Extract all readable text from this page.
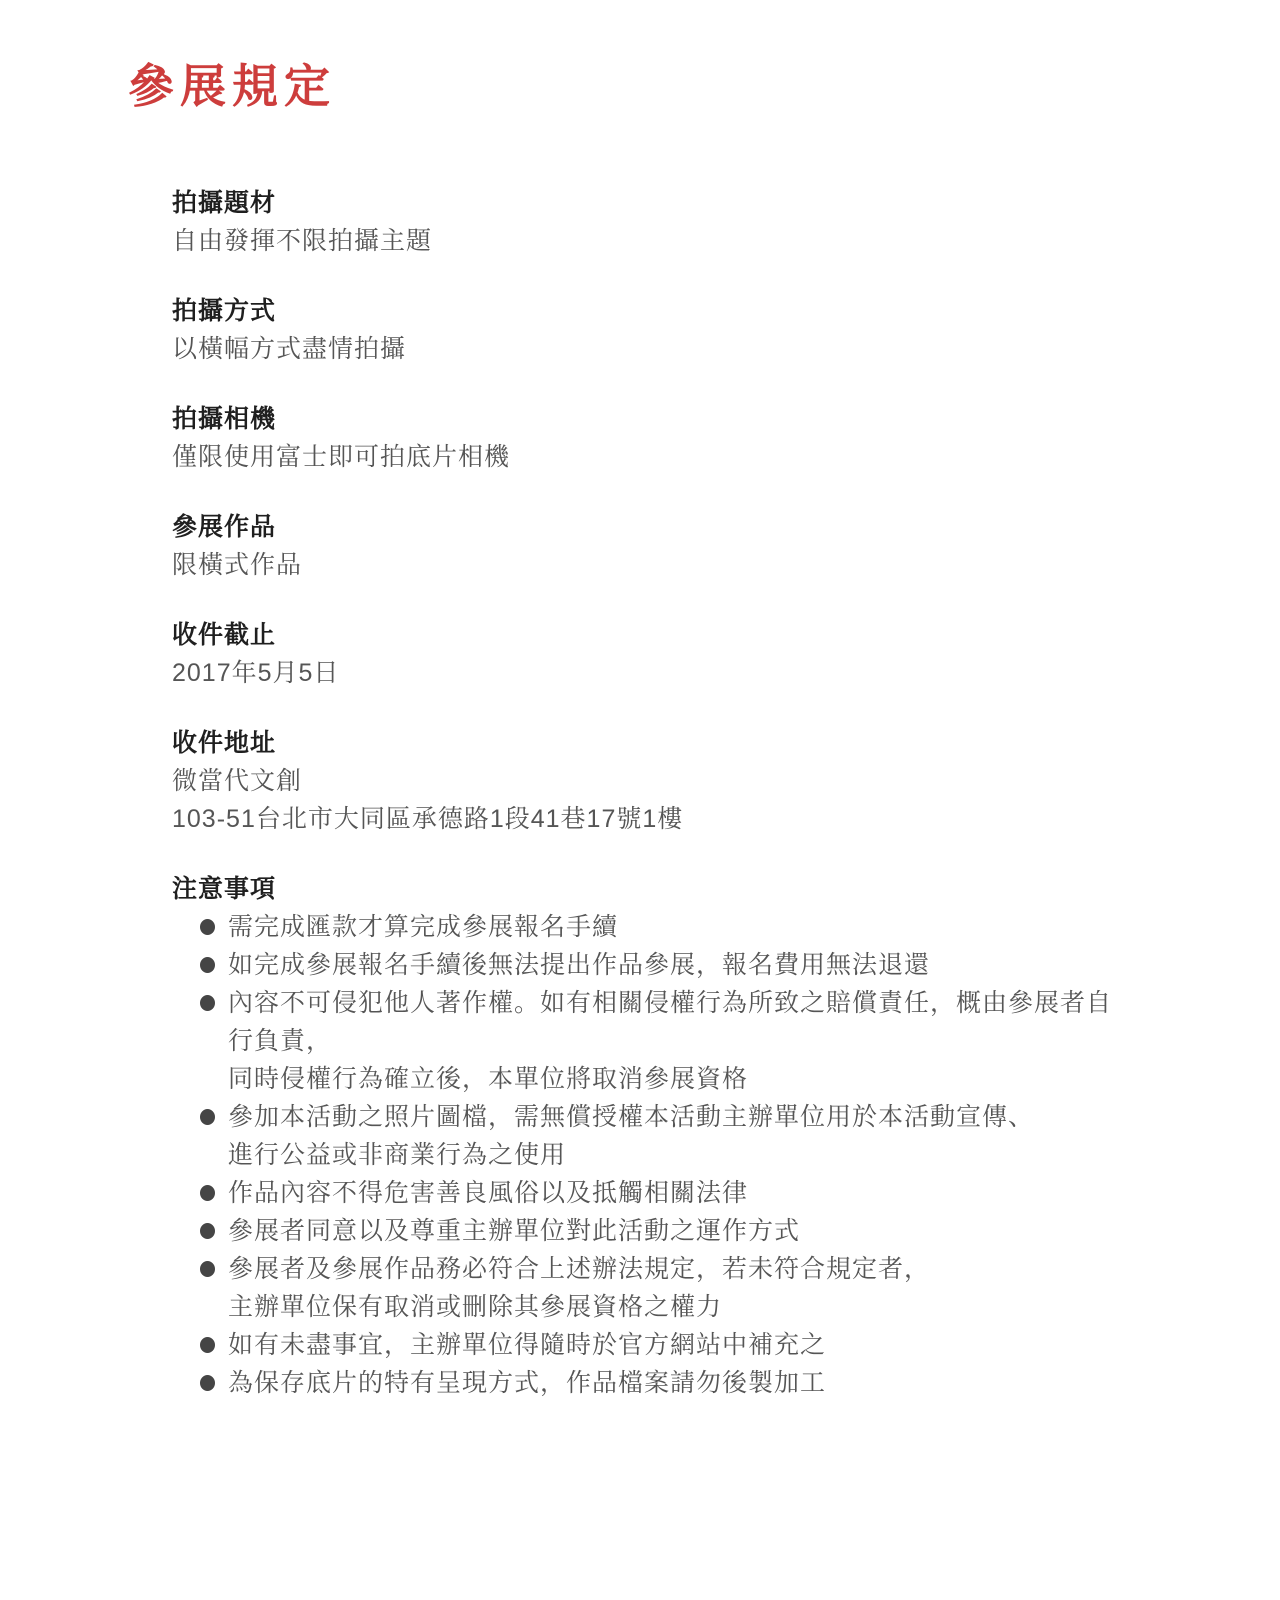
參展規定
拍攝題材
自由發揮不限拍攝主題
拍攝方式
以橫幅方式盡情拍攝
拍攝相機
僅限使用富士即可拍底片相機
參展作品
限橫式作品
收件截止
2017年5月5日
收件地址
微當代文創
103-51台北市大同區承德路1段41巷17號1樓
注意事項
需完成匯款才算完成參展報名手續
如完成參展報名手續後無法提出作品參展，報名費用無法退還
內容不可侵犯他人著作權。如有相關侵權行為所致之賠償責任，概由參展者自行負責，
同時侵權行為確立後，本單位將取消參展資格
參加本活動之照片圖檔，需無償授權本活動主辦單位用於本活動宣傳、
進行公益或非商業行為之使用
作品內容不得危害善良風俗以及抵觸相關法律
參展者同意以及尊重主辦單位對此活動之運作方式
參展者及參展作品務必符合上述辦法規定，若未符合規定者，
主辦單位保有取消或刪除其參展資格之權力
如有未盡事宜，主辦單位得隨時於官方網站中補充之
為保存底片的特有呈現方式，作品檔案請勿後製加工
